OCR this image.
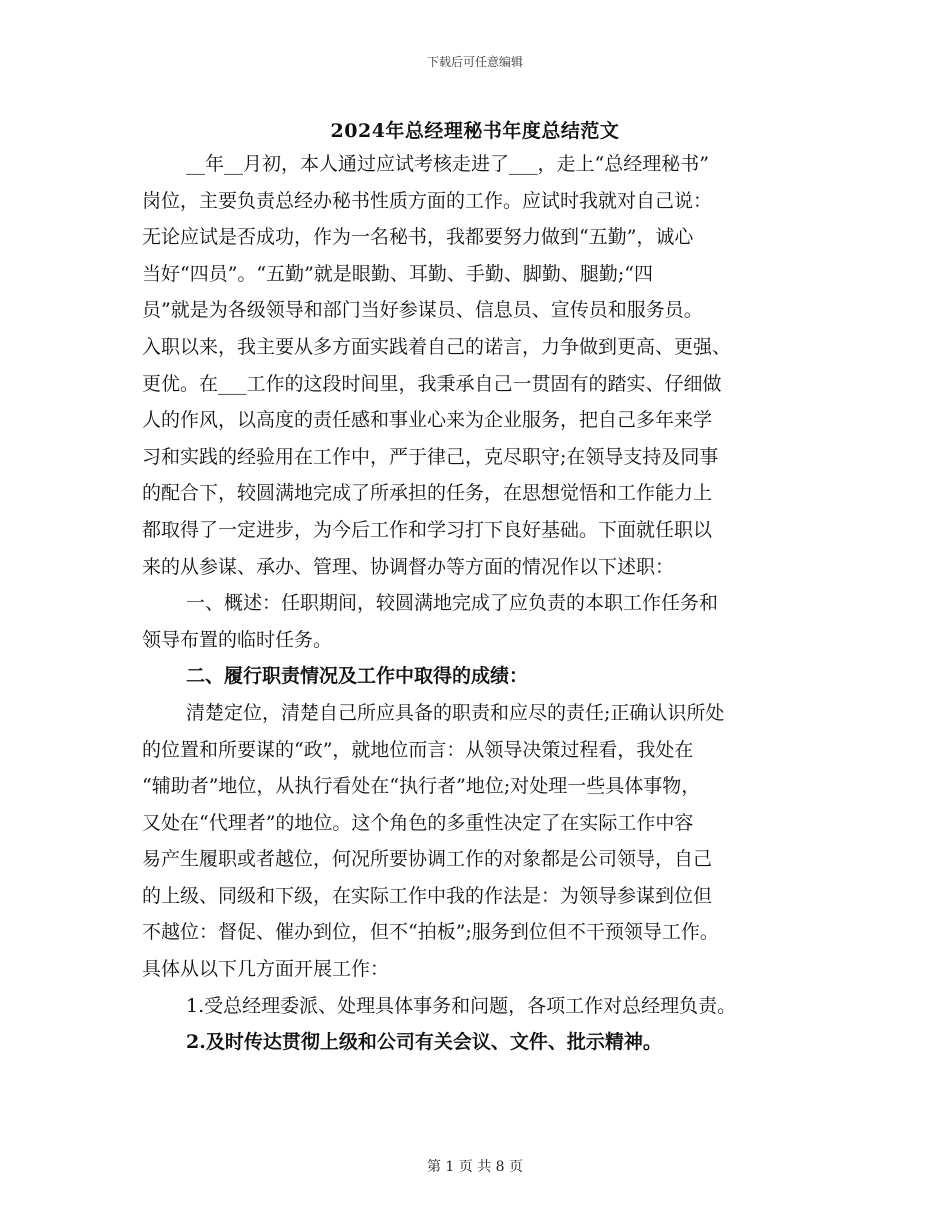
下载后可任意编辑
2024年总经理秘书年度总结范文
__年__月初，本人通过应试考核走进了___，走上“总经理秘书”
岗位，主要负责总经办秘书性质方面的工作。应试时我就对自己说：
无论应试是否成功，作为一名秘书，我都要努力做到“五勤”，诚心
当好“四员”。“五勤”就是眼勤、耳勤、手勤、脚勤、腿勤;“四
员”就是为各级领导和部门当好参谋员、信息员、宣传员和服务员。
入职以来，我主要从多方面实践着自己的诺言，力争做到更高、更强、
更优。在___工作的这段时间里，我秉承自己一贯固有的踏实、仔细做
人的作风，以高度的责任感和事业心来为企业服务，把自己多年来学
习和实践的经验用在工作中，严于律己，克尽职守;在领导支持及同事
的配合下，较圆满地完成了所承担的任务，在思想觉悟和工作能力上
都取得了一定进步，为今后工作和学习打下良好基础。下面就任职以
来的从参谋、承办、管理、协调督办等方面的情况作以下述职：
一、概述：任职期间，较圆满地完成了应负责的本职工作任务和
领导布置的临时任务。
二、履行职责情况及工作中取得的成绩：
清楚定位，清楚自己所应具备的职责和应尽的责任;正确认识所处
的位置和所要谋的“政”，就地位而言：从领导决策过程看，我处在
“辅助者”地位，从执行看处在“执行者”地位;对处理一些具体事物，
又处在“代理者”的地位。这个角色的多重性决定了在实际工作中容
易产生履职或者越位，何况所要协调工作的对象都是公司领导，自己
的上级、同级和下级，在实际工作中我的作法是：为领导参谋到位但
不越位：督促、催办到位，但不“拍板”;服务到位但不干预领导工作。
具体从以下几方面开展工作：
1.受总经理委派、处理具体事务和问题，各项工作对总经理负责。
2.及时传达贯彻上级和公司有关会议、文件、批示精神。
第 1 页 共 8 页
